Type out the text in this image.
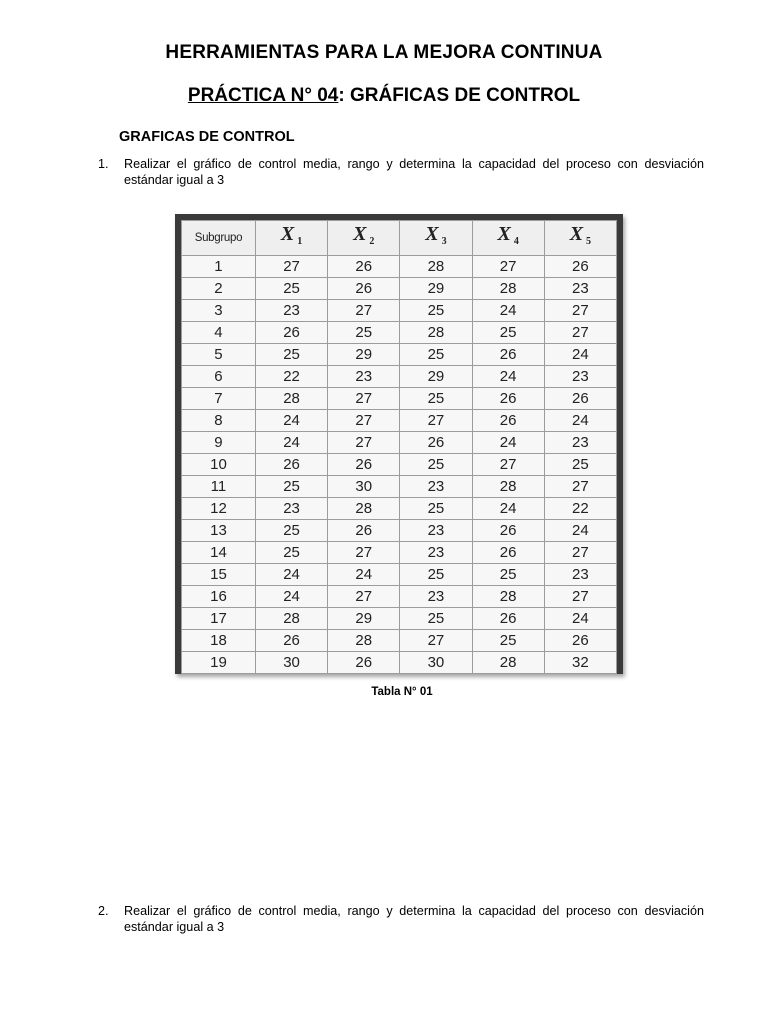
HERRAMIENTAS PARA LA MEJORA CONTINUA
PRÁCTICA N° 04: GRÁFICAS DE CONTROL
GRAFICAS DE CONTROL
1. Realizar el gráfico de control media, rango y determina la capacidad del proceso con desviación estándar igual a 3
Subgrupo	X $_1$	X $_2$	X $_3$	X $_4$	X $_5$
1	27	26	28	27	26
2	25	26	29	28	23
3	23	27	25	24	27
4	26	25	28	25	27
5	25	29	25	26	24
6	22	23	29	24	23
7	28	27	25	26	26
8	24	27	27	26	24
9	24	27	26	24	23
10	26	26	25	27	25
11	25	30	23	28	27
12	23	28	25	24	22
13	25	26	23	26	24
14	25	27	23	26	27
15	24	24	25	25	23
16	24	27	23	28	27
17	28	29	25	26	24
18	26	28	27	25	26
19	30	26	30	28	32
Tabla N° 01
2. Realizar el gráfico de control media, rango y determina la capacidad del proceso con desviación estándar igual a 3
